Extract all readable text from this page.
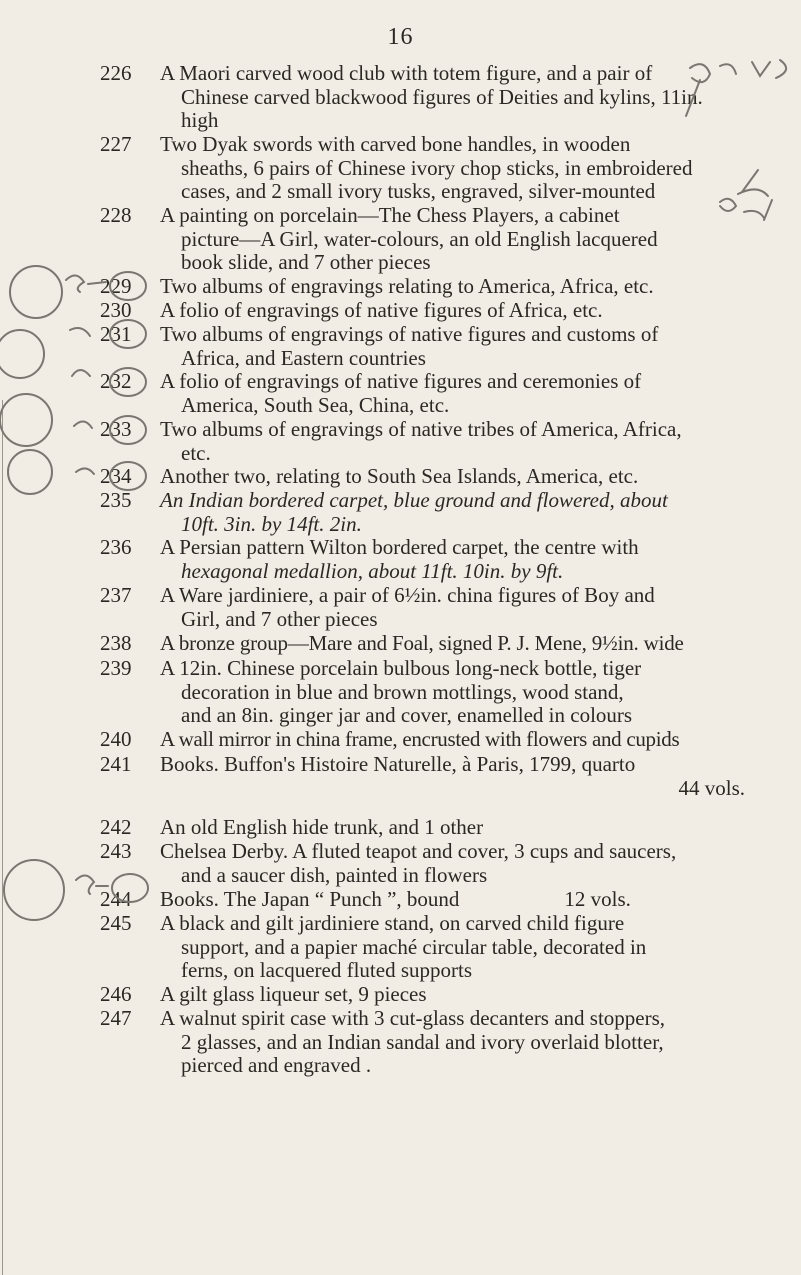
16
226	A Maori carved wood club with totem figure, and a pair of

Chinese carved blackwood figures of Deities and kylins, 11in.

high

227	Two Dyak swords with carved bone handles, in wooden

sheaths, 6 pairs of Chinese ivory chop sticks, in embroidered

cases, and 2 small ivory tusks, engraved, silver-mounted

228	A painting on porcelain—The Chess Players, a cabinet

picture—A Girl, water-colours, an old English lacquered

book slide, and 7 other pieces

229	Two albums of engravings relating to America, Africa, etc.

230	A folio of engravings of native figures of Africa, etc.

231	Two albums of engravings of native figures and customs of

Africa, and Eastern countries

232	A folio of engravings of native figures and ceremonies of

America, South Sea, China, etc.

233	Two albums of engravings of native tribes of America, Africa,

etc.

234	Another two, relating to South Sea Islands, America, etc.

235	An Indian bordered carpet, blue ground and flowered, about

10ft. 3in. by 14ft. 2in.

236	A Persian pattern Wilton bordered carpet, the centre with

hexagonal medallion, about 11ft. 10in. by 9ft.

237	A Ware jardiniere, a pair of 6½in. china figures of Boy and

Girl, and 7 other pieces

238	A bronze group—Mare and Foal, signed P. J. Mene, 9½in. wide

239	A 12in. Chinese porcelain bulbous long-neck bottle, tiger

decoration in blue and brown mottlings, wood stand,

and an 8in. ginger jar and cover, enamelled in colours

240	A wall mirror in china frame, encrusted with flowers and cupids

241	Books. Buffon's Histoire Naturelle, à Paris, 1799, quarto

44 vols.

242	An old English hide trunk, and 1 other

243	Chelsea Derby. A fluted teapot and cover, 3 cups and saucers,

and a saucer dish, painted in flowers

244	Books. The Japan “ Punch ”, bound                    12 vols.

245	A black and gilt jardiniere stand, on carved child figure

support, and a papier maché circular table, decorated in

ferns, on lacquered fluted supports

246	A gilt glass liqueur set, 9 pieces

247	A walnut spirit case with 3 cut-glass decanters and stoppers,

2 glasses, and an Indian sandal and ivory overlaid blotter,

pierced and engraved .
